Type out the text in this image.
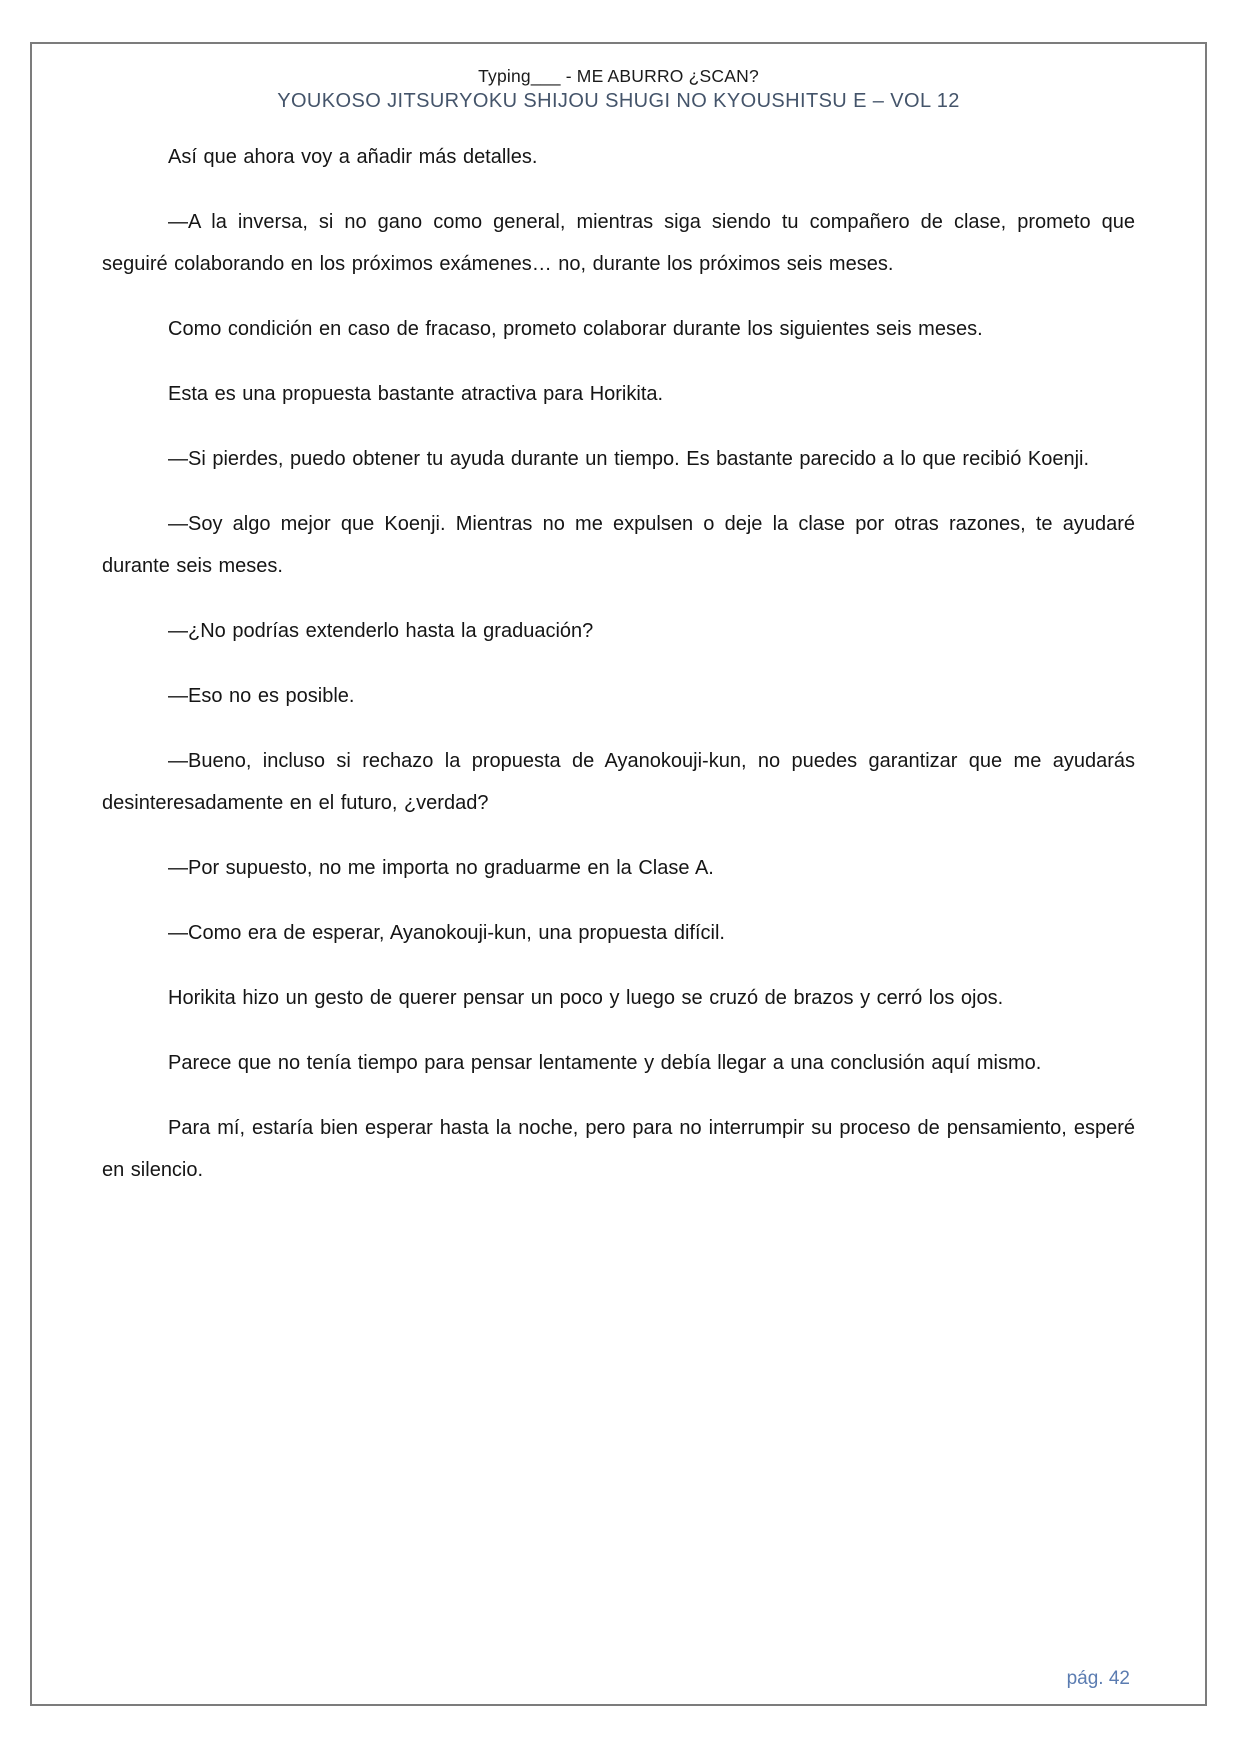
Typing___ - ME ABURRO ¿SCAN?
YOUKOSO JITSURYOKU SHIJOU SHUGI NO KYOUSHITSU E – VOL 12

Así que ahora voy a añadir más detalles.

—A la inversa, si no gano como general, mientras siga siendo tu compañero de clase, prometo que seguiré colaborando en los próximos exámenes… no, durante los próximos seis meses.

Como condición en caso de fracaso, prometo colaborar durante los siguientes seis meses.

Esta es una propuesta bastante atractiva para Horikita.

—Si pierdes, puedo obtener tu ayuda durante un tiempo. Es bastante parecido a lo que recibió Koenji.

—Soy algo mejor que Koenji. Mientras no me expulsen o deje la clase por otras razones, te ayudaré durante seis meses.

—¿No podrías extenderlo hasta la graduación?

—Eso no es posible.

—Bueno, incluso si rechazo la propuesta de Ayanokouji-kun, no puedes garantizar que me ayudarás desinteresadamente en el futuro, ¿verdad?

—Por supuesto, no me importa no graduarme en la Clase A.

—Como era de esperar, Ayanokouji-kun, una propuesta difícil.

Horikita hizo un gesto de querer pensar un poco y luego se cruzó de brazos y cerró los ojos.

Parece que no tenía tiempo para pensar lentamente y debía llegar a una conclusión aquí mismo.

Para mí, estaría bien esperar hasta la noche, pero para no interrumpir su proceso de pensamiento, esperé en silencio.

pág. 42
